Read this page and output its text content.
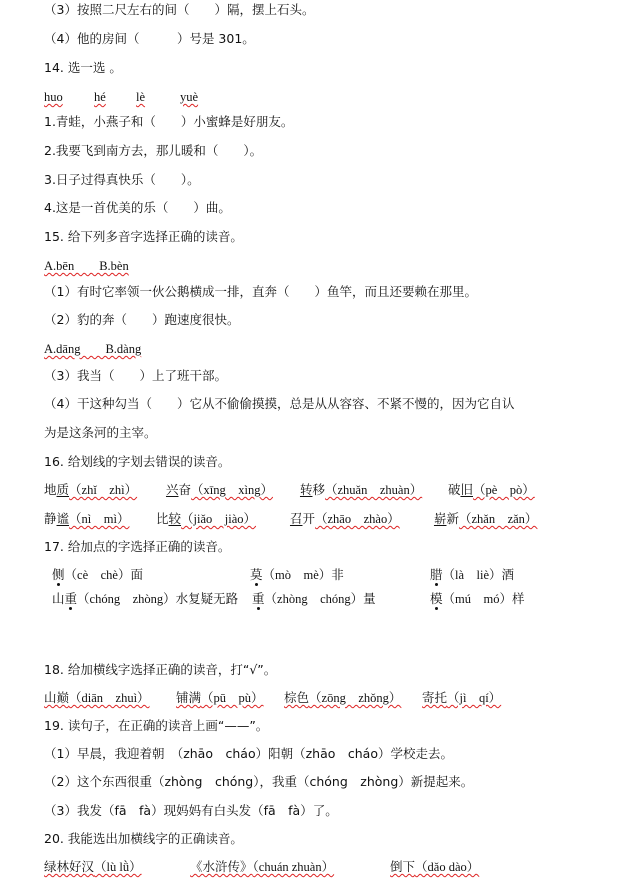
（3）按照二尺左右的间（　　）隔，摆上石头。
（4）他的房间（　　　）号是 301。
14. 选一选 。
huo	hé lè	yuè
1.青蛙，小燕子和（　　）小蜜蜂是好朋友。
2.我要飞到南方去，那儿暖和（　　）。
3.日子过得真快乐（　　）。
4.这是一首优美的乐（　　）曲。
15. 给下列多音字选择正确的读音。
A.bēn　　B.bèn
（1）有时它率领一伙公鹅横成一排，直奔（　　）鱼竿，而且还要赖在那里。
（2）豹的奔（　　）跑速度很快。
A.dāng　　B.dàng
（3）我当（　　）上了班干部。
（4）干这种勾当（　　）它从不偷偷摸摸，总是从从容容、不紧不慢的，因为它自认
为是这条河的主宰。
16. 给划线的字划去错误的读音。
地质（zhǐ　zhì） 兴奋（xīng　xìng） 转移（zhuǎn　zhuàn） 破旧（pè　pò）
静谧（nì　mì） 比较（jiǎo　jiào）	召开（zhāo　zhào）	崭新（zhǎn　zǎn）
17. 给加点的字选择正确的读音。
侧（cè　chè）面	莫（mò　mè）非	腊（là　liè）酒
山重（chóng　zhòng）水复疑无路 重（zhòng　chóng）量	模（mú　mó）样
18. 给加横线字选择正确的读音，打“√”。
山巅（diān　zhuì） 铺满（pū　pù） 棕色（zōng　zhǒng） 寄托（jì　qí）
19. 读句子，在正确的读音上画“——”。
（1）早晨，我迎着朝　（zhāo　cháo）阳朝（zhāo　cháo）学校走去。
（2）这个东西很重（zhòng　chóng），我重（chóng　zhòng）新提起来。
（3）我发（fā　fà）现妈妈有白头发（fā　fà）了。
20. 我能选出加横线字的正确读音。
绿林好汉（lù lǜ）	《水浒传》（chuán zhuàn）	倒下（dǎo dào）
